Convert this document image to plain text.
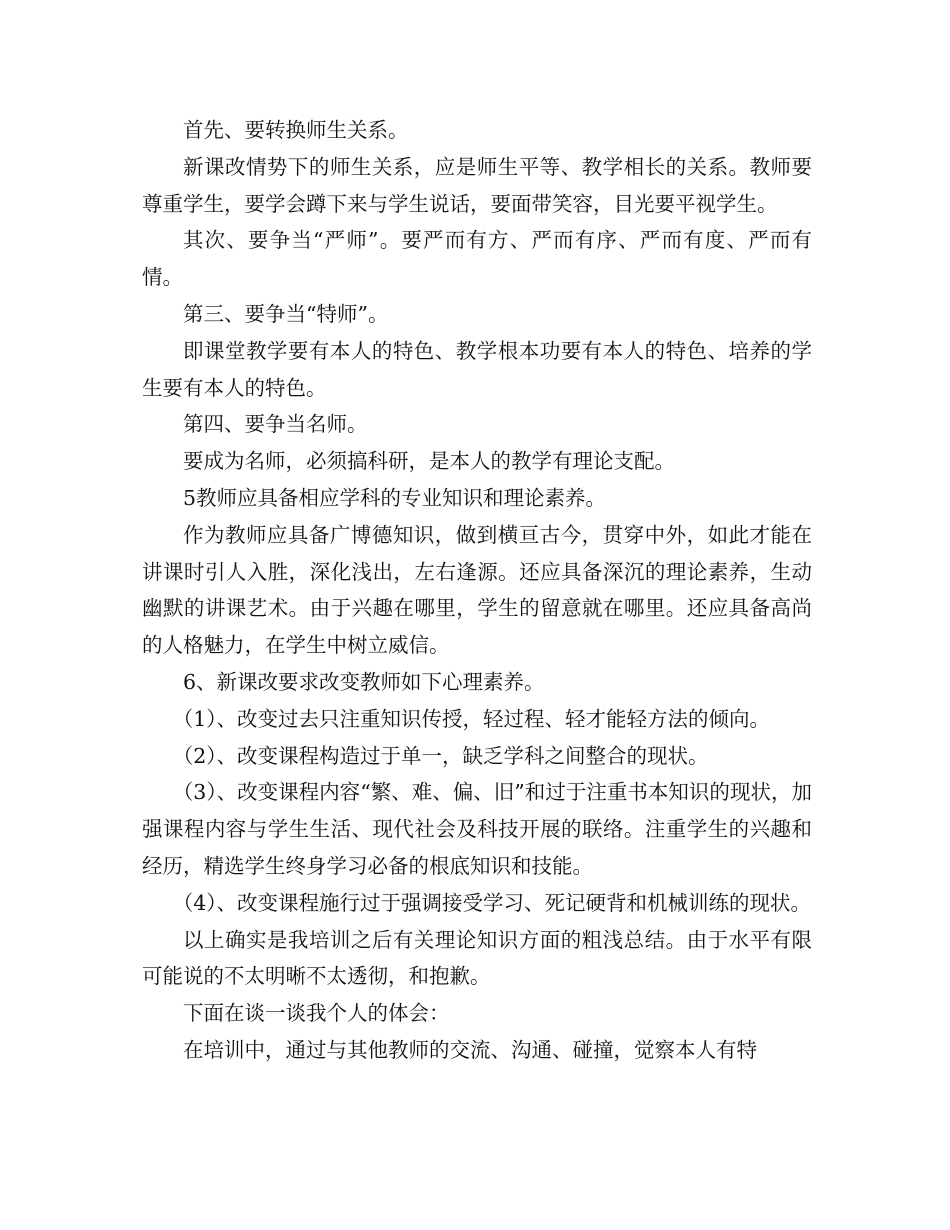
首先、要转换师生关系。

新课改情势下的师生关系，应是师生平等、教学相长的关系。教师要尊重学生，要学会蹲下来与学生说话，要面带笑容，目光要平视学生。

其次、要争当“严师”。要严而有方、严而有序、严而有度、严而有情。

第三、要争当“特师”。

即课堂教学要有本人的特色、教学根本功要有本人的特色、培养的学生要有本人的特色。

第四、要争当名师。

要成为名师，必须搞科研，是本人的教学有理论支配。

5教师应具备相应学科的专业知识和理论素养。

作为教师应具备广博德知识，做到横亘古今，贯穿中外，如此才能在讲课时引人入胜，深化浅出，左右逢源。还应具备深沉的理论素养，生动幽默的讲课艺术。由于兴趣在哪里，学生的留意就在哪里。还应具备高尚的人格魅力，在学生中树立威信。

6、新课改要求改变教师如下心理素养。

（1）、改变过去只注重知识传授，轻过程、轻才能轻方法的倾向。

（2）、改变课程构造过于单一，缺乏学科之间整合的现状。

（3）、改变课程内容“繁、难、偏、旧”和过于注重书本知识的现状，加强课程内容与学生生活、现代社会及科技开展的联络。注重学生的兴趣和经历，精选学生终身学习必备的根底知识和技能。

（4）、改变课程施行过于强调接受学习、死记硬背和机械训练的现状。

以上确实是我培训之后有关理论知识方面的粗浅总结。由于水平有限可能说的不太明晰不太透彻，和抱歉。

下面在谈一谈我个人的体会：

在培训中，通过与其他教师的交流、沟通、碰撞，觉察本人有特
